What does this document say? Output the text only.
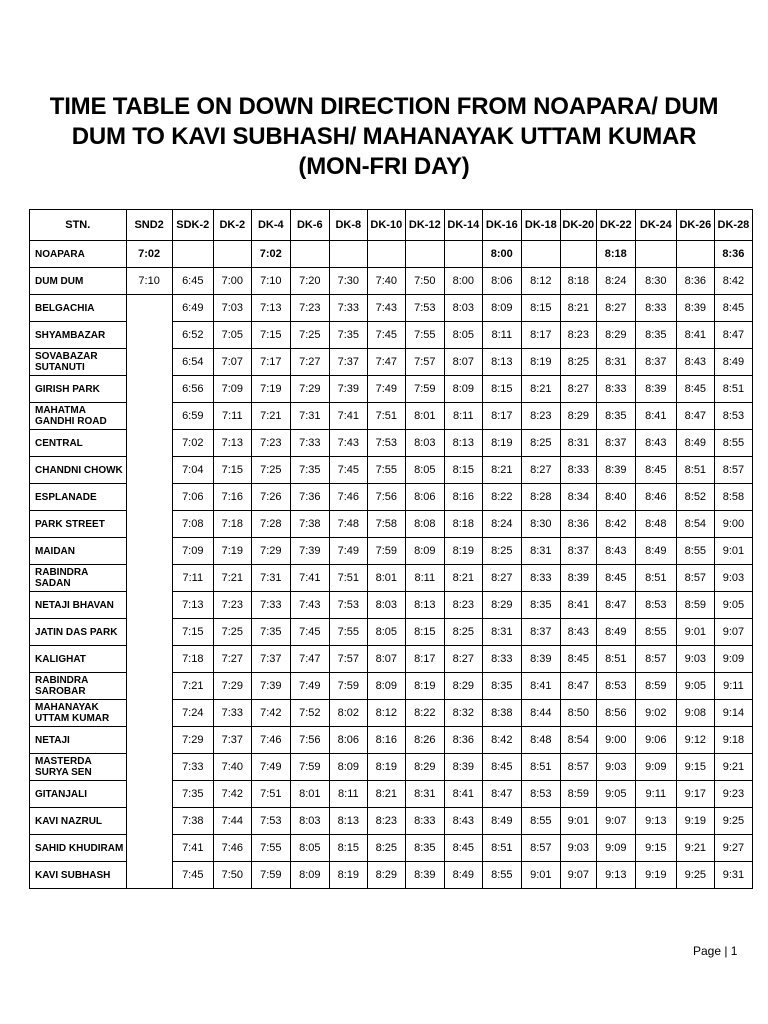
TIME TABLE ON DOWN DIRECTION FROM NOAPARA/ DUM
DUM TO KAVI SUBHASH/ MAHANAYAK UTTAM KUMAR
(MON-FRI DAY)
STN.	SND2	SDK-2	DK-2	DK-4	DK-6	DK-8	DK-10	DK-12	DK-14	DK-16	DK-18	DK-20	DK-22	DK-24	DK-26	DK-28
NOAPARA	7:02			7:02						8:00			8:18			8:36
DUM DUM	7:10	6:45	7:00	7:10	7:20	7:30	7:40	7:50	8:00	8:06	8:12	8:18	8:24	8:30	8:36	8:42
BELGACHIA		6:49	7:03	7:13	7:23	7:33	7:43	7:53	8:03	8:09	8:15	8:21	8:27	8:33	8:39	8:45
SHYAMBAZAR		6:52	7:05	7:15	7:25	7:35	7:45	7:55	8:05	8:11	8:17	8:23	8:29	8:35	8:41	8:47
SOVABAZAR SUTANUTI		6:54	7:07	7:17	7:27	7:37	7:47	7:57	8:07	8:13	8:19	8:25	8:31	8:37	8:43	8:49
GIRISH PARK		6:56	7:09	7:19	7:29	7:39	7:49	7:59	8:09	8:15	8:21	8:27	8:33	8:39	8:45	8:51
MAHATMA GANDHI ROAD		6:59	7:11	7:21	7:31	7:41	7:51	8:01	8:11	8:17	8:23	8:29	8:35	8:41	8:47	8:53
CENTRAL		7:02	7:13	7:23	7:33	7:43	7:53	8:03	8:13	8:19	8:25	8:31	8:37	8:43	8:49	8:55
CHANDNI CHOWK		7:04	7:15	7:25	7:35	7:45	7:55	8:05	8:15	8:21	8:27	8:33	8:39	8:45	8:51	8:57
ESPLANADE		7:06	7:16	7:26	7:36	7:46	7:56	8:06	8:16	8:22	8:28	8:34	8:40	8:46	8:52	8:58
PARK STREET		7:08	7:18	7:28	7:38	7:48	7:58	8:08	8:18	8:24	8:30	8:36	8:42	8:48	8:54	9:00
MAIDAN		7:09	7:19	7:29	7:39	7:49	7:59	8:09	8:19	8:25	8:31	8:37	8:43	8:49	8:55	9:01
RABINDRA SADAN		7:11	7:21	7:31	7:41	7:51	8:01	8:11	8:21	8:27	8:33	8:39	8:45	8:51	8:57	9:03
NETAJI BHAVAN		7:13	7:23	7:33	7:43	7:53	8:03	8:13	8:23	8:29	8:35	8:41	8:47	8:53	8:59	9:05
JATIN DAS PARK		7:15	7:25	7:35	7:45	7:55	8:05	8:15	8:25	8:31	8:37	8:43	8:49	8:55	9:01	9:07
KALIGHAT		7:18	7:27	7:37	7:47	7:57	8:07	8:17	8:27	8:33	8:39	8:45	8:51	8:57	9:03	9:09
RABINDRA SAROBAR		7:21	7:29	7:39	7:49	7:59	8:09	8:19	8:29	8:35	8:41	8:47	8:53	8:59	9:05	9:11
MAHANAYAK UTTAM KUMAR		7:24	7:33	7:42	7:52	8:02	8:12	8:22	8:32	8:38	8:44	8:50	8:56	9:02	9:08	9:14
NETAJI		7:29	7:37	7:46	7:56	8:06	8:16	8:26	8:36	8:42	8:48	8:54	9:00	9:06	9:12	9:18
MASTERDA SURYA SEN		7:33	7:40	7:49	7:59	8:09	8:19	8:29	8:39	8:45	8:51	8:57	9:03	9:09	9:15	9:21
GITANJALI		7:35	7:42	7:51	8:01	8:11	8:21	8:31	8:41	8:47	8:53	8:59	9:05	9:11	9:17	9:23
KAVI NAZRUL		7:38	7:44	7:53	8:03	8:13	8:23	8:33	8:43	8:49	8:55	9:01	9:07	9:13	9:19	9:25
SAHID KHUDIRAM		7:41	7:46	7:55	8:05	8:15	8:25	8:35	8:45	8:51	8:57	9:03	9:09	9:15	9:21	9:27
KAVI SUBHASH		7:45	7:50	7:59	8:09	8:19	8:29	8:39	8:49	8:55	9:01	9:07	9:13	9:19	9:25	9:31
Page | 1
